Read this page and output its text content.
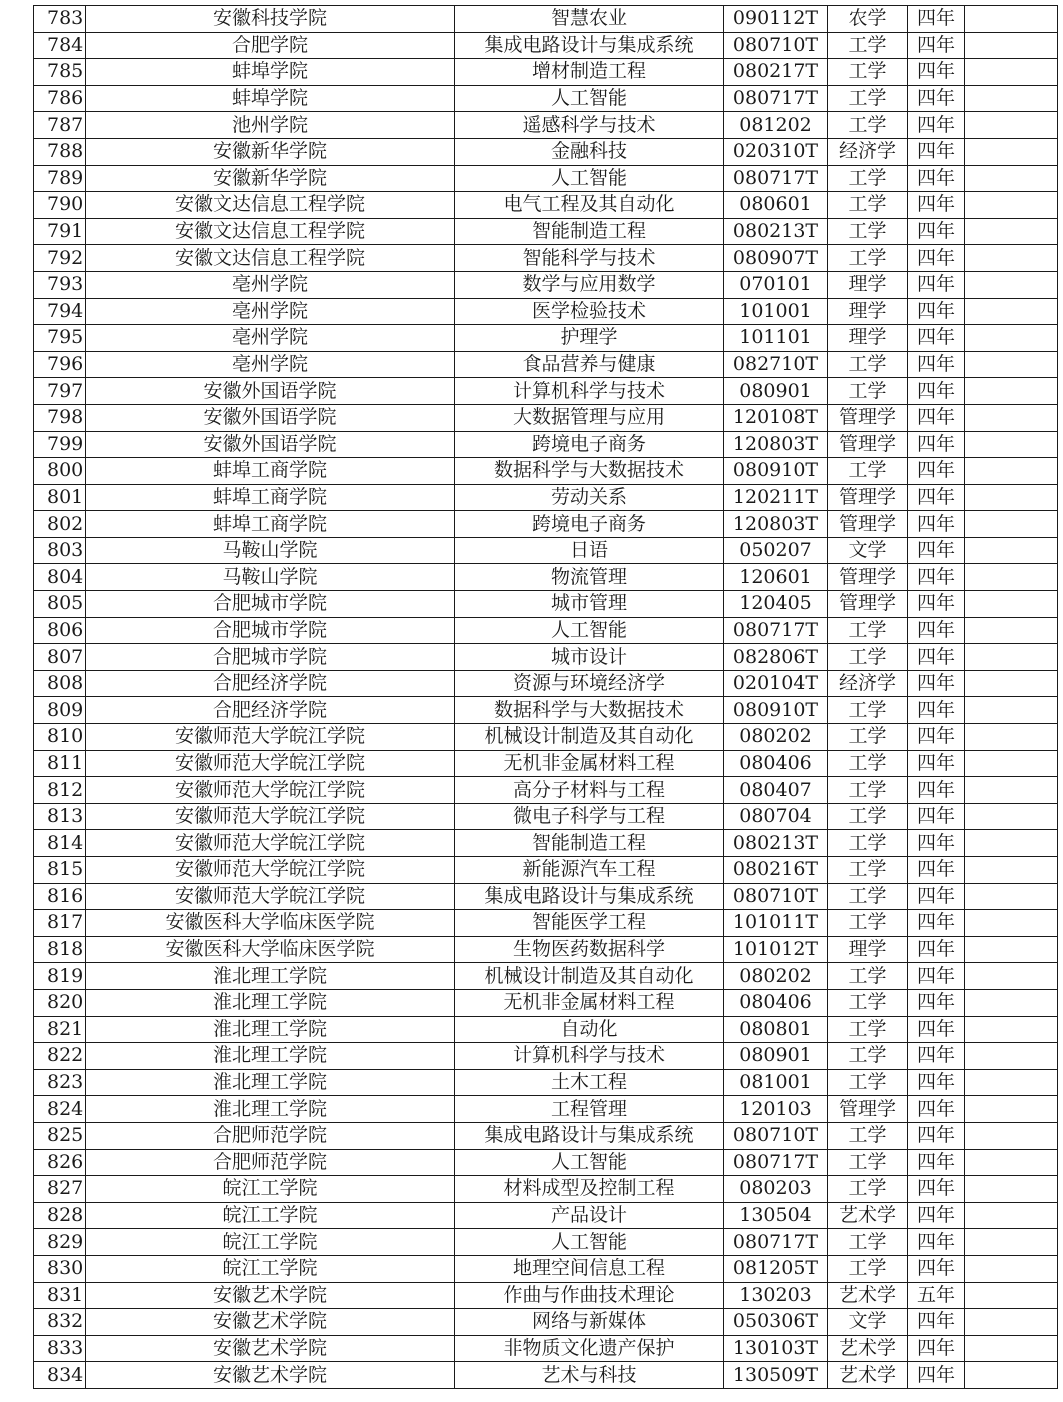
783	安徽科技学院	智慧农业	090112T	农学	四年	
784	合肥学院	集成电路设计与集成系统	080710T	工学	四年	
785	蚌埠学院	增材制造工程	080217T	工学	四年	
786	蚌埠学院	人工智能	080717T	工学	四年	
787	池州学院	遥感科学与技术	081202	工学	四年	
788	安徽新华学院	金融科技	020310T	经济学	四年	
789	安徽新华学院	人工智能	080717T	工学	四年	
790	安徽文达信息工程学院	电气工程及其自动化	080601	工学	四年	
791	安徽文达信息工程学院	智能制造工程	080213T	工学	四年	
792	安徽文达信息工程学院	智能科学与技术	080907T	工学	四年	
793	亳州学院	数学与应用数学	070101	理学	四年	
794	亳州学院	医学检验技术	101001	理学	四年	
795	亳州学院	护理学	101101	理学	四年	
796	亳州学院	食品营养与健康	082710T	工学	四年	
797	安徽外国语学院	计算机科学与技术	080901	工学	四年	
798	安徽外国语学院	大数据管理与应用	120108T	管理学	四年	
799	安徽外国语学院	跨境电子商务	120803T	管理学	四年	
800	蚌埠工商学院	数据科学与大数据技术	080910T	工学	四年	
801	蚌埠工商学院	劳动关系	120211T	管理学	四年	
802	蚌埠工商学院	跨境电子商务	120803T	管理学	四年	
803	马鞍山学院	日语	050207	文学	四年	
804	马鞍山学院	物流管理	120601	管理学	四年	
805	合肥城市学院	城市管理	120405	管理学	四年	
806	合肥城市学院	人工智能	080717T	工学	四年	
807	合肥城市学院	城市设计	082806T	工学	四年	
808	合肥经济学院	资源与环境经济学	020104T	经济学	四年	
809	合肥经济学院	数据科学与大数据技术	080910T	工学	四年	
810	安徽师范大学皖江学院	机械设计制造及其自动化	080202	工学	四年	
811	安徽师范大学皖江学院	无机非金属材料工程	080406	工学	四年	
812	安徽师范大学皖江学院	高分子材料与工程	080407	工学	四年	
813	安徽师范大学皖江学院	微电子科学与工程	080704	工学	四年	
814	安徽师范大学皖江学院	智能制造工程	080213T	工学	四年	
815	安徽师范大学皖江学院	新能源汽车工程	080216T	工学	四年	
816	安徽师范大学皖江学院	集成电路设计与集成系统	080710T	工学	四年	
817	安徽医科大学临床医学院	智能医学工程	101011T	工学	四年	
818	安徽医科大学临床医学院	生物医药数据科学	101012T	理学	四年	
819	淮北理工学院	机械设计制造及其自动化	080202	工学	四年	
820	淮北理工学院	无机非金属材料工程	080406	工学	四年	
821	淮北理工学院	自动化	080801	工学	四年	
822	淮北理工学院	计算机科学与技术	080901	工学	四年	
823	淮北理工学院	土木工程	081001	工学	四年	
824	淮北理工学院	工程管理	120103	管理学	四年	
825	合肥师范学院	集成电路设计与集成系统	080710T	工学	四年	
826	合肥师范学院	人工智能	080717T	工学	四年	
827	皖江工学院	材料成型及控制工程	080203	工学	四年	
828	皖江工学院	产品设计	130504	艺术学	四年	
829	皖江工学院	人工智能	080717T	工学	四年	
830	皖江工学院	地理空间信息工程	081205T	工学	四年	
831	安徽艺术学院	作曲与作曲技术理论	130203	艺术学	五年	
832	安徽艺术学院	网络与新媒体	050306T	文学	四年	
833	安徽艺术学院	非物质文化遗产保护	130103T	艺术学	四年	
834	安徽艺术学院	艺术与科技	130509T	艺术学	四年	
